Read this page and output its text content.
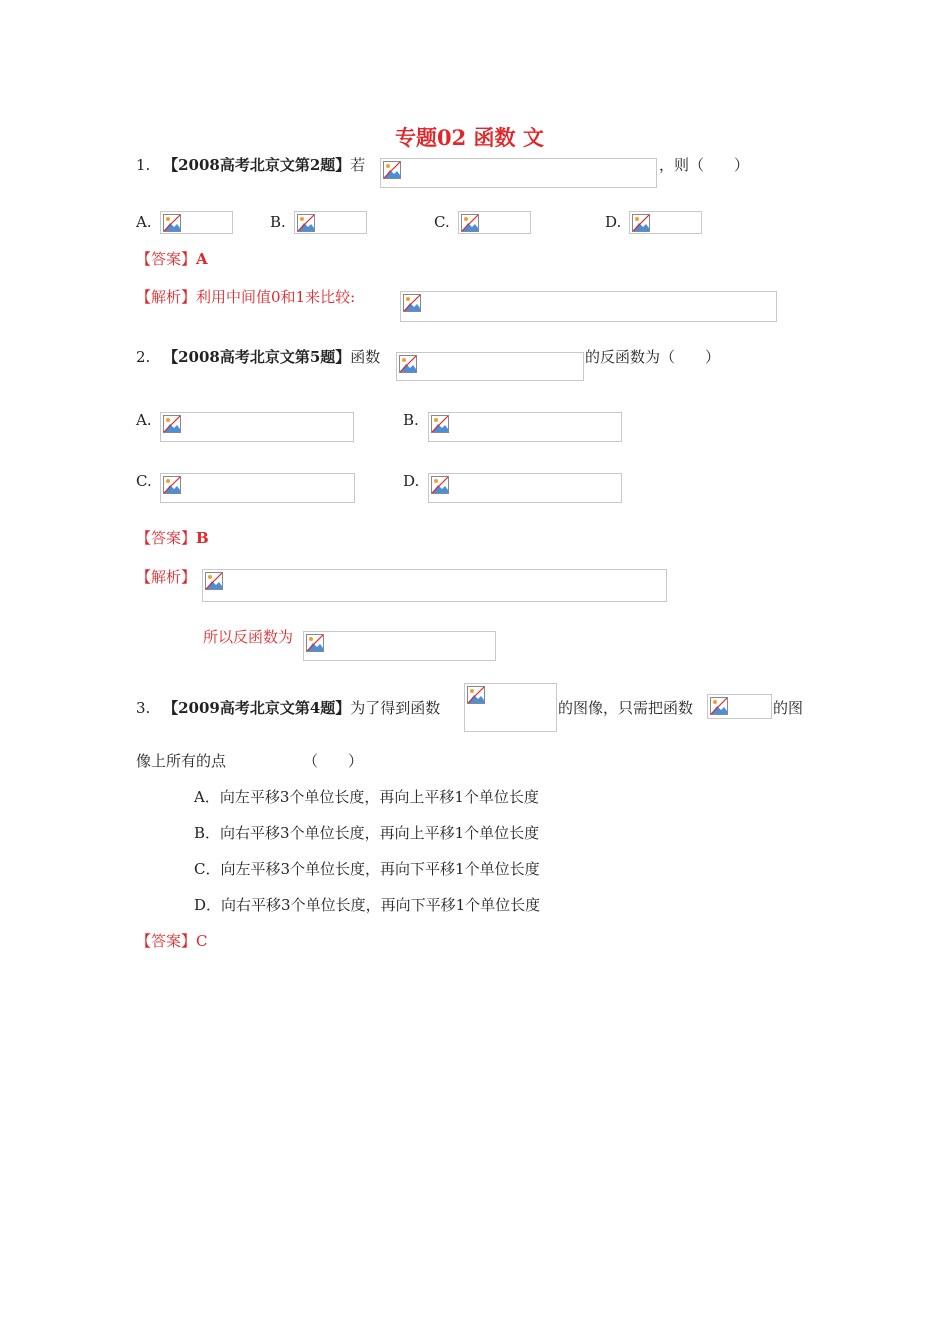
专题02 函数 文
1. 【2008高考北京文第2题】若	，则（　　）
A.	B.	C.	D.
【答案】A
【解析】利用中间值0和1来比较:
2. 【2008高考北京文第5题】函数	的反函数为（　　）
A.	B.
C.	D.
【答案】B
【解析】
所以反函数为
3. 【2009高考北京文第4题】为了得到函数	的图像，只需把函数	的图
像上所有的点	（　　）
A．向左平移3个单位长度，再向上平移1个单位长度
B．向右平移3个单位长度，再向上平移1个单位长度
C．向左平移3个单位长度，再向下平移1个单位长度
D．向右平移3个单位长度，再向下平移1个单位长度
【答案】C
